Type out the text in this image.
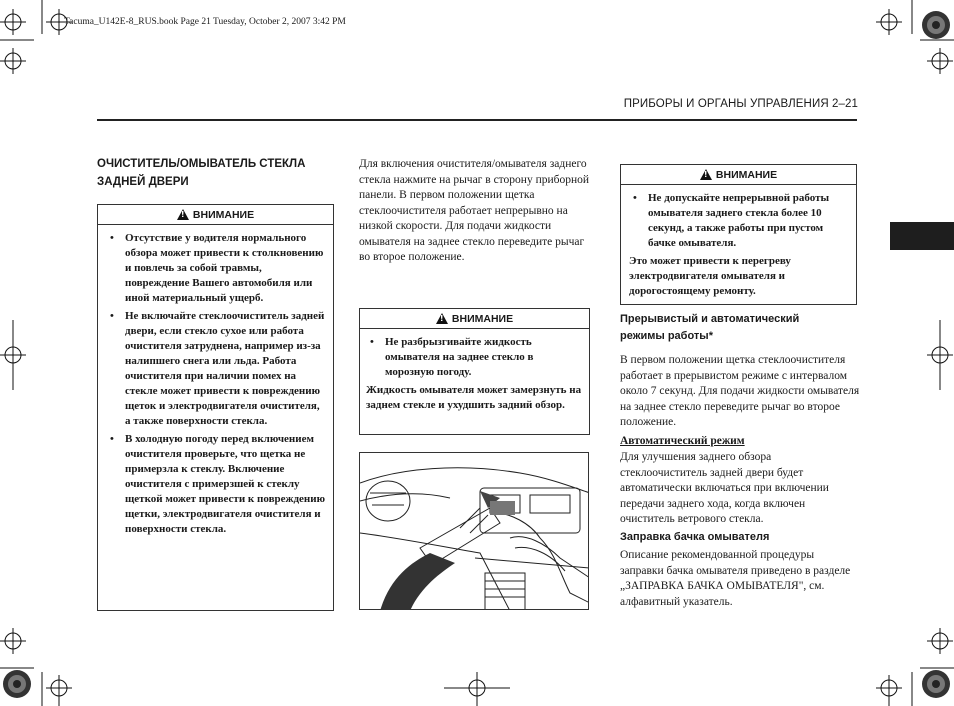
Tacuma_U142E-8_RUS.book Page 21 Tuesday, October 2, 2007 3:42 PM
ПРИБОРЫ И ОРГАНЫ УПРАВЛЕНИЯ 2–21
ОЧИСТИТЕЛЬ/ОМЫВАТЕЛЬ СТЕКЛА
ЗАДНЕЙ ДВЕРИ
!
ВНИМАНИЕ
• Отсутствие у водителя нормального обзора может привести к столкновению и повлечь за собой травмы, повреждение Вашего автомобиля или иной материальный ущерб.
• Не включайте стеклоочиститель задней двери, если стекло сухое или работа очистителя затруднена, например из-за налипшего снега или льда. Работа очистителя при наличии помех на стекле может привести к повреждению щеток и электродвигателя очистителя, а также поверхности стекла.
• В холодную погоду перед включением очистителя проверьте, что щетка не примерзла к стеклу. Включение очистителя с примерзшей к стеклу щеткой может привести к повреждению щетки, электродвигателя очистителя и поверхности стекла.
Для включения очистителя/омывателя заднего стекла нажмите на рычаг в сторону приборной панели. В первом положении щетка стеклоочистителя работает непрерывно на низкой скорости. Для подачи жидкости омывателя на заднее стекло переведите рычаг во второе положение.
!
ВНИМАНИЕ
• Не разбрызгивайте жидкость омывателя на заднее стекло в морозную погоду.

Жидкость омывателя может замерзнуть на заднем стекле и ухудшить задний обзор.

!
ВНИМАНИЕ
• Не допускайте непрерывной работы омывателя заднего стекла более 10 секунд, а также работы при пустом бачке омывателя.

Это может привести к перегреву электродвигателя омывателя и дорогостоящему ремонту.

Прерывистый и автоматический режимы работы*
В первом положении щетка стеклоочистителя работает в прерывистом режиме с интервалом около 7 секунд. Для подачи жидкости омывателя на заднее стекло переведите рычаг во второе положение.
Автоматический режим
Для улучшения заднего обзора стеклоочиститель задней двери будет автоматически включаться при включении передачи заднего хода, когда включен очиститель ветрового стекла.
Заправка бачка омывателя
Описание рекомендованной процедуры заправки бачка омывателя приведено в разделе „ЗАПРАВКА БАЧКА ОМЫВАТЕЛЯ", см. алфавитный указатель.
